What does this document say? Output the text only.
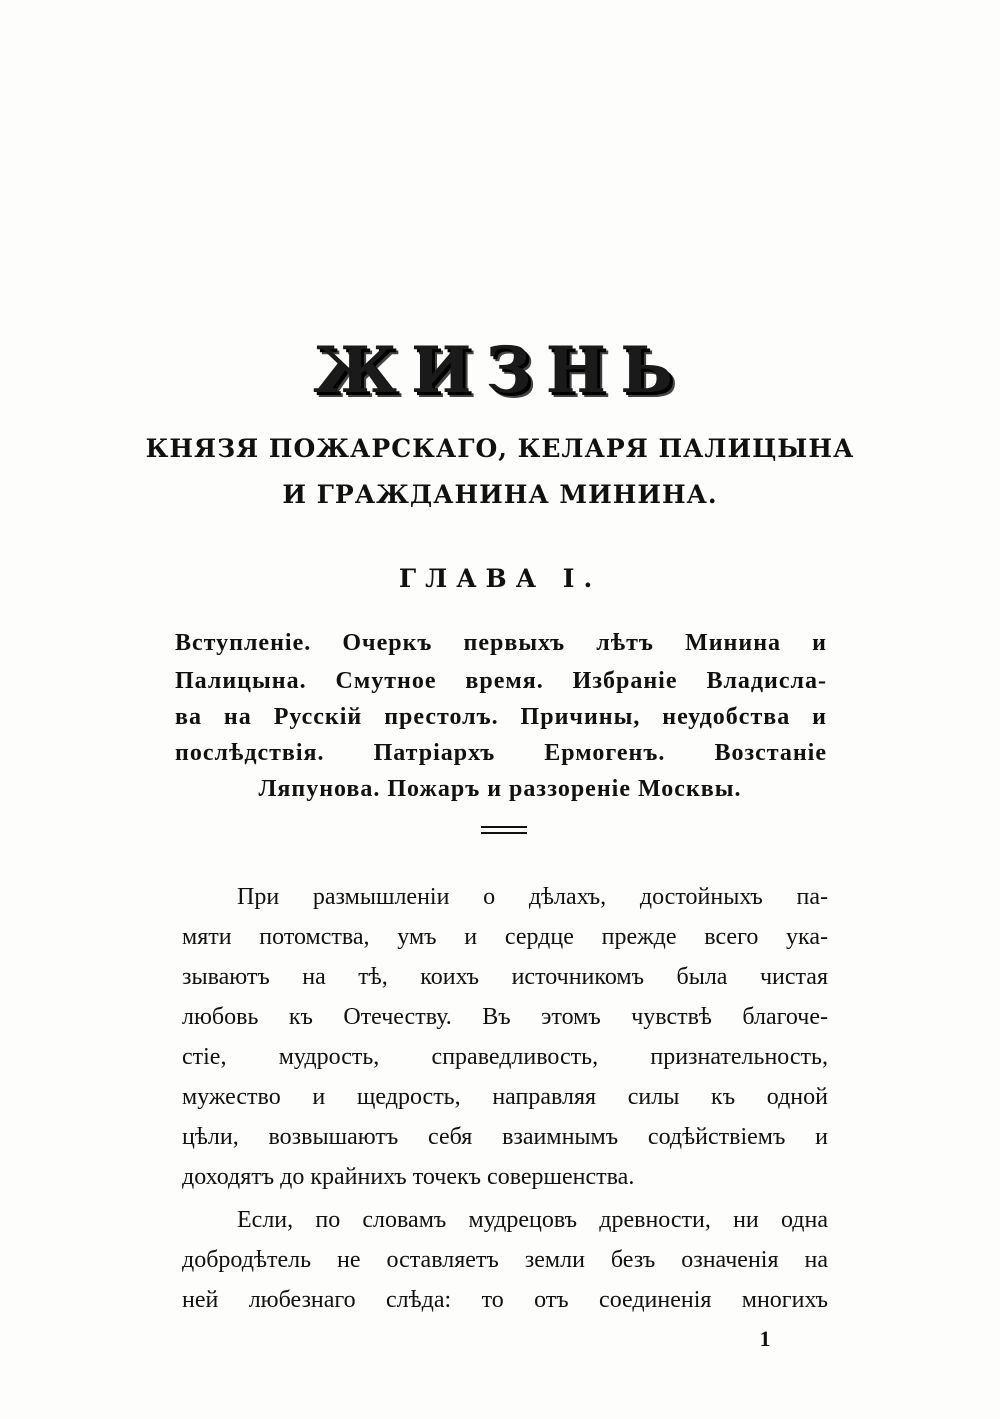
ЖИЗНЬ
КНЯЗЯ ПОЖАРСКАГО, КЕЛАРЯ ПАЛИЦЫНА
И ГРАЖДАНИНА МИНИНА.
ГЛАВА I.
Вступленіе. Очеркъ первыхъ лѣтъ Минина и
Палицына. Смутное время. Избраніе Владисла-
ва на Русскій престолъ. Причины, неудобства и
послѣдствія. Патріархъ Ермогенъ. Возстаніе
Ляпунова. Пожаръ и раззореніе Москвы.
При размышленіи о дѣлахъ, достойныхъ па-
мяти потомства, умъ и сердце прежде всего ука-
зываютъ на тѣ, коихъ источникомъ была чистая
любовь къ Отечеству. Въ этомъ чувствѣ благоче-
стіе, мудрость, справедливость, признательность,
мужество и щедрость, направляя силы къ одной
цѣли, возвышаютъ себя взаимнымъ содѣйствіемъ и
доходятъ до крайнихъ точекъ совершенства.
Если, по словамъ мудрецовъ древности, ни одна
добродѣтель не оставляетъ земли безъ означенія на
ней любезнаго слѣда: то отъ соединенія многихъ
1
